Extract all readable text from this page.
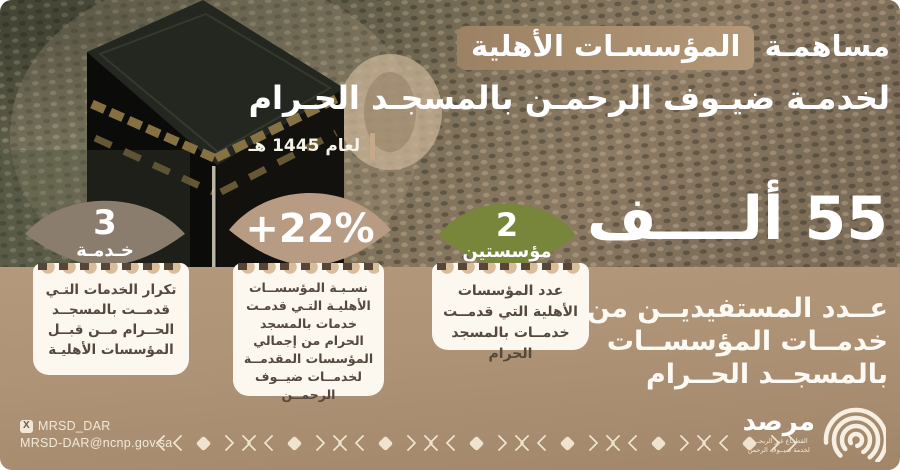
مساهمـة المؤسسـات الأهلية
لخدمـة ضيـوف الرحمـن بالمسجـد الحـرام
لعام 1445 هـ
55 ألــــف
عــدد المستفيديــن من
خدمــات المؤسســات
بالمسجــد الحــرام
3
خـدمـة
تكرار الخدمات التـي قدمــت بالمسجــد الحــرام مــن قبــل المؤسسات الأهليـة
+22%
نسـبـة المؤسســات الأهليـة التـي قدمـت خدمات بالمسجد الحرام من إجمالي المؤسسات المقدمــة لخدمــات ضيــوف الرحمــن
2
مؤسستين
عدد المؤسسات الأهلية التي قدمــت خدمــات بالمسجد الحرام
X MRSD_DAR
MRSD-DAR@ncnp.gov.sa
مرصد
القطــاع غير الربحــي
لخدمة ضيــوف الرحمن
